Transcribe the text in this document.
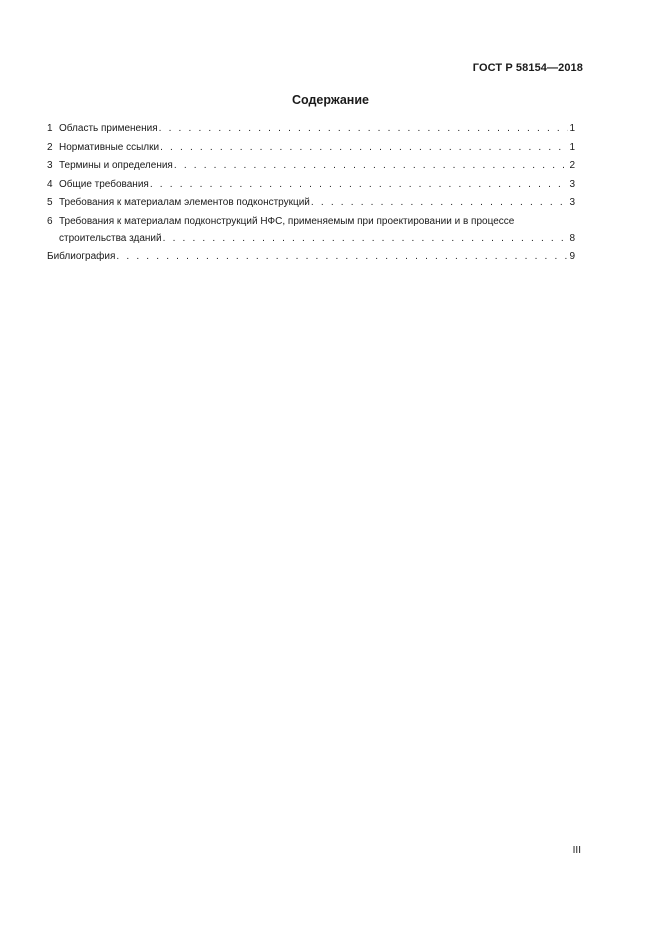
ГОСТ Р 58154—2018
Содержание
1 Область применения . . .	1
2 Нормативные ссылки . . .	1
3 Термины и определения . . .	2
4 Общие требования . . .	3
5 Требования к материалам элементов подконструкций . . .	3
6 Требования к материалам подконструкций НФС, применяемым при проектировании и в процессе
строительства зданий . . .	8
Библиография . . .	9
III
